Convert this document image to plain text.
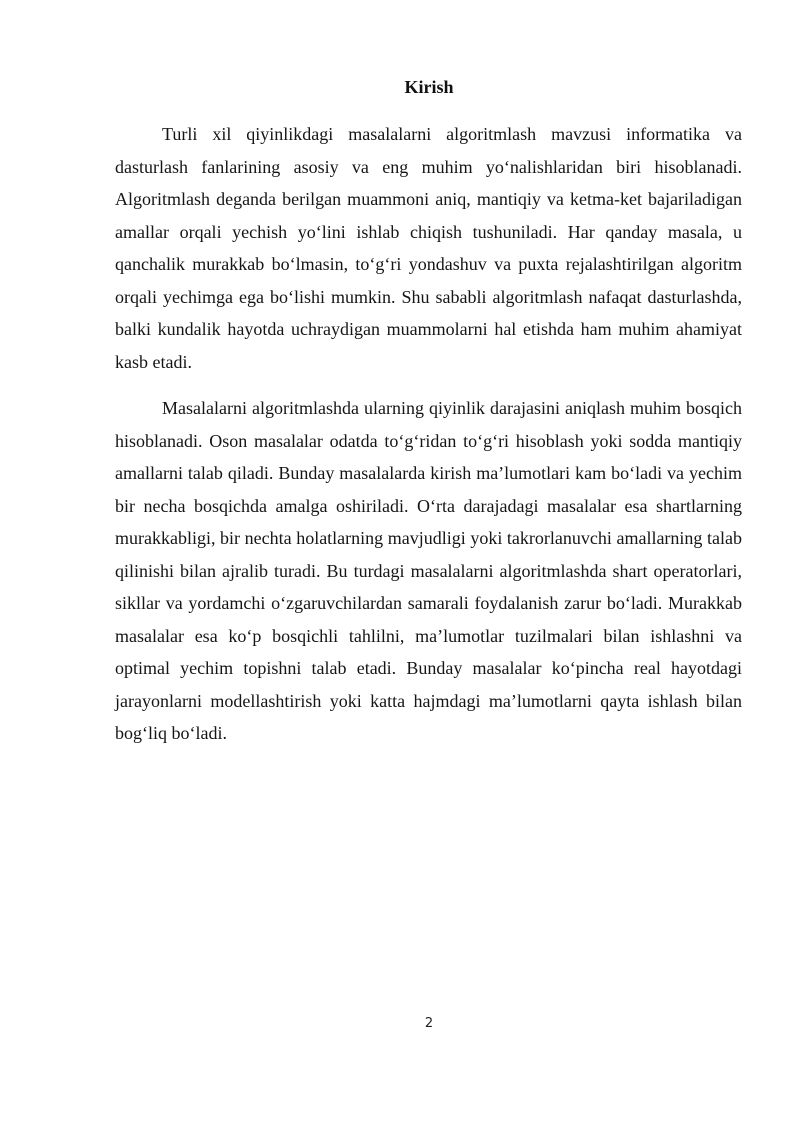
Kirish

Turli xil qiyinlikdagi masalalarni algoritmlash mavzusi informatika va dasturlash fanlarining asosiy va eng muhim yo‘nalishlaridan biri hisoblanadi. Algoritmlash deganda berilgan muammoni aniq, mantiqiy va ketma-ket bajariladigan amallar orqali yechish yo‘lini ishlab chiqish tushuniladi. Har qanday masala, u qanchalik murakkab bo‘lmasin, to‘g‘ri yondashuv va puxta rejalashtirilgan algoritm orqali yechimga ega bo‘lishi mumkin. Shu sababli algoritmlash nafaqat dasturlashda, balki kundalik hayotda uchraydigan muammolarni hal etishda ham muhim ahamiyat kasb etadi.

Masalalarni algoritmlashda ularning qiyinlik darajasini aniqlash muhim bosqich hisoblanadi. Oson masalalar odatda to‘g‘ridan to‘g‘ri hisoblash yoki sodda mantiqiy amallarni talab qiladi. Bunday masalalarda kirish ma’lumotlari kam bo‘ladi va yechim bir necha bosqichda amalga oshiriladi. O‘rta darajadagi masalalar esa shartlarning murakkabligi, bir nechta holatlarning mavjudligi yoki takrorlanuvchi amallarning talab qilinishi bilan ajralib turadi. Bu turdagi masalalarni algoritmlashda shart operatorlari, sikllar va yordamchi o‘zgaruvchilardan samarali foydalanish zarur bo‘ladi. Murakkab masalalar esa ko‘p bosqichli tahlilni, ma’lumotlar tuzilmalari bilan ishlashni va optimal yechim topishni talab etadi. Bunday masalalar ko‘pincha real hayotdagi jarayonlarni modellashtirish yoki katta hajmdagi ma’lumotlarni qayta ishlash bilan bog‘liq bo‘ladi.

2
